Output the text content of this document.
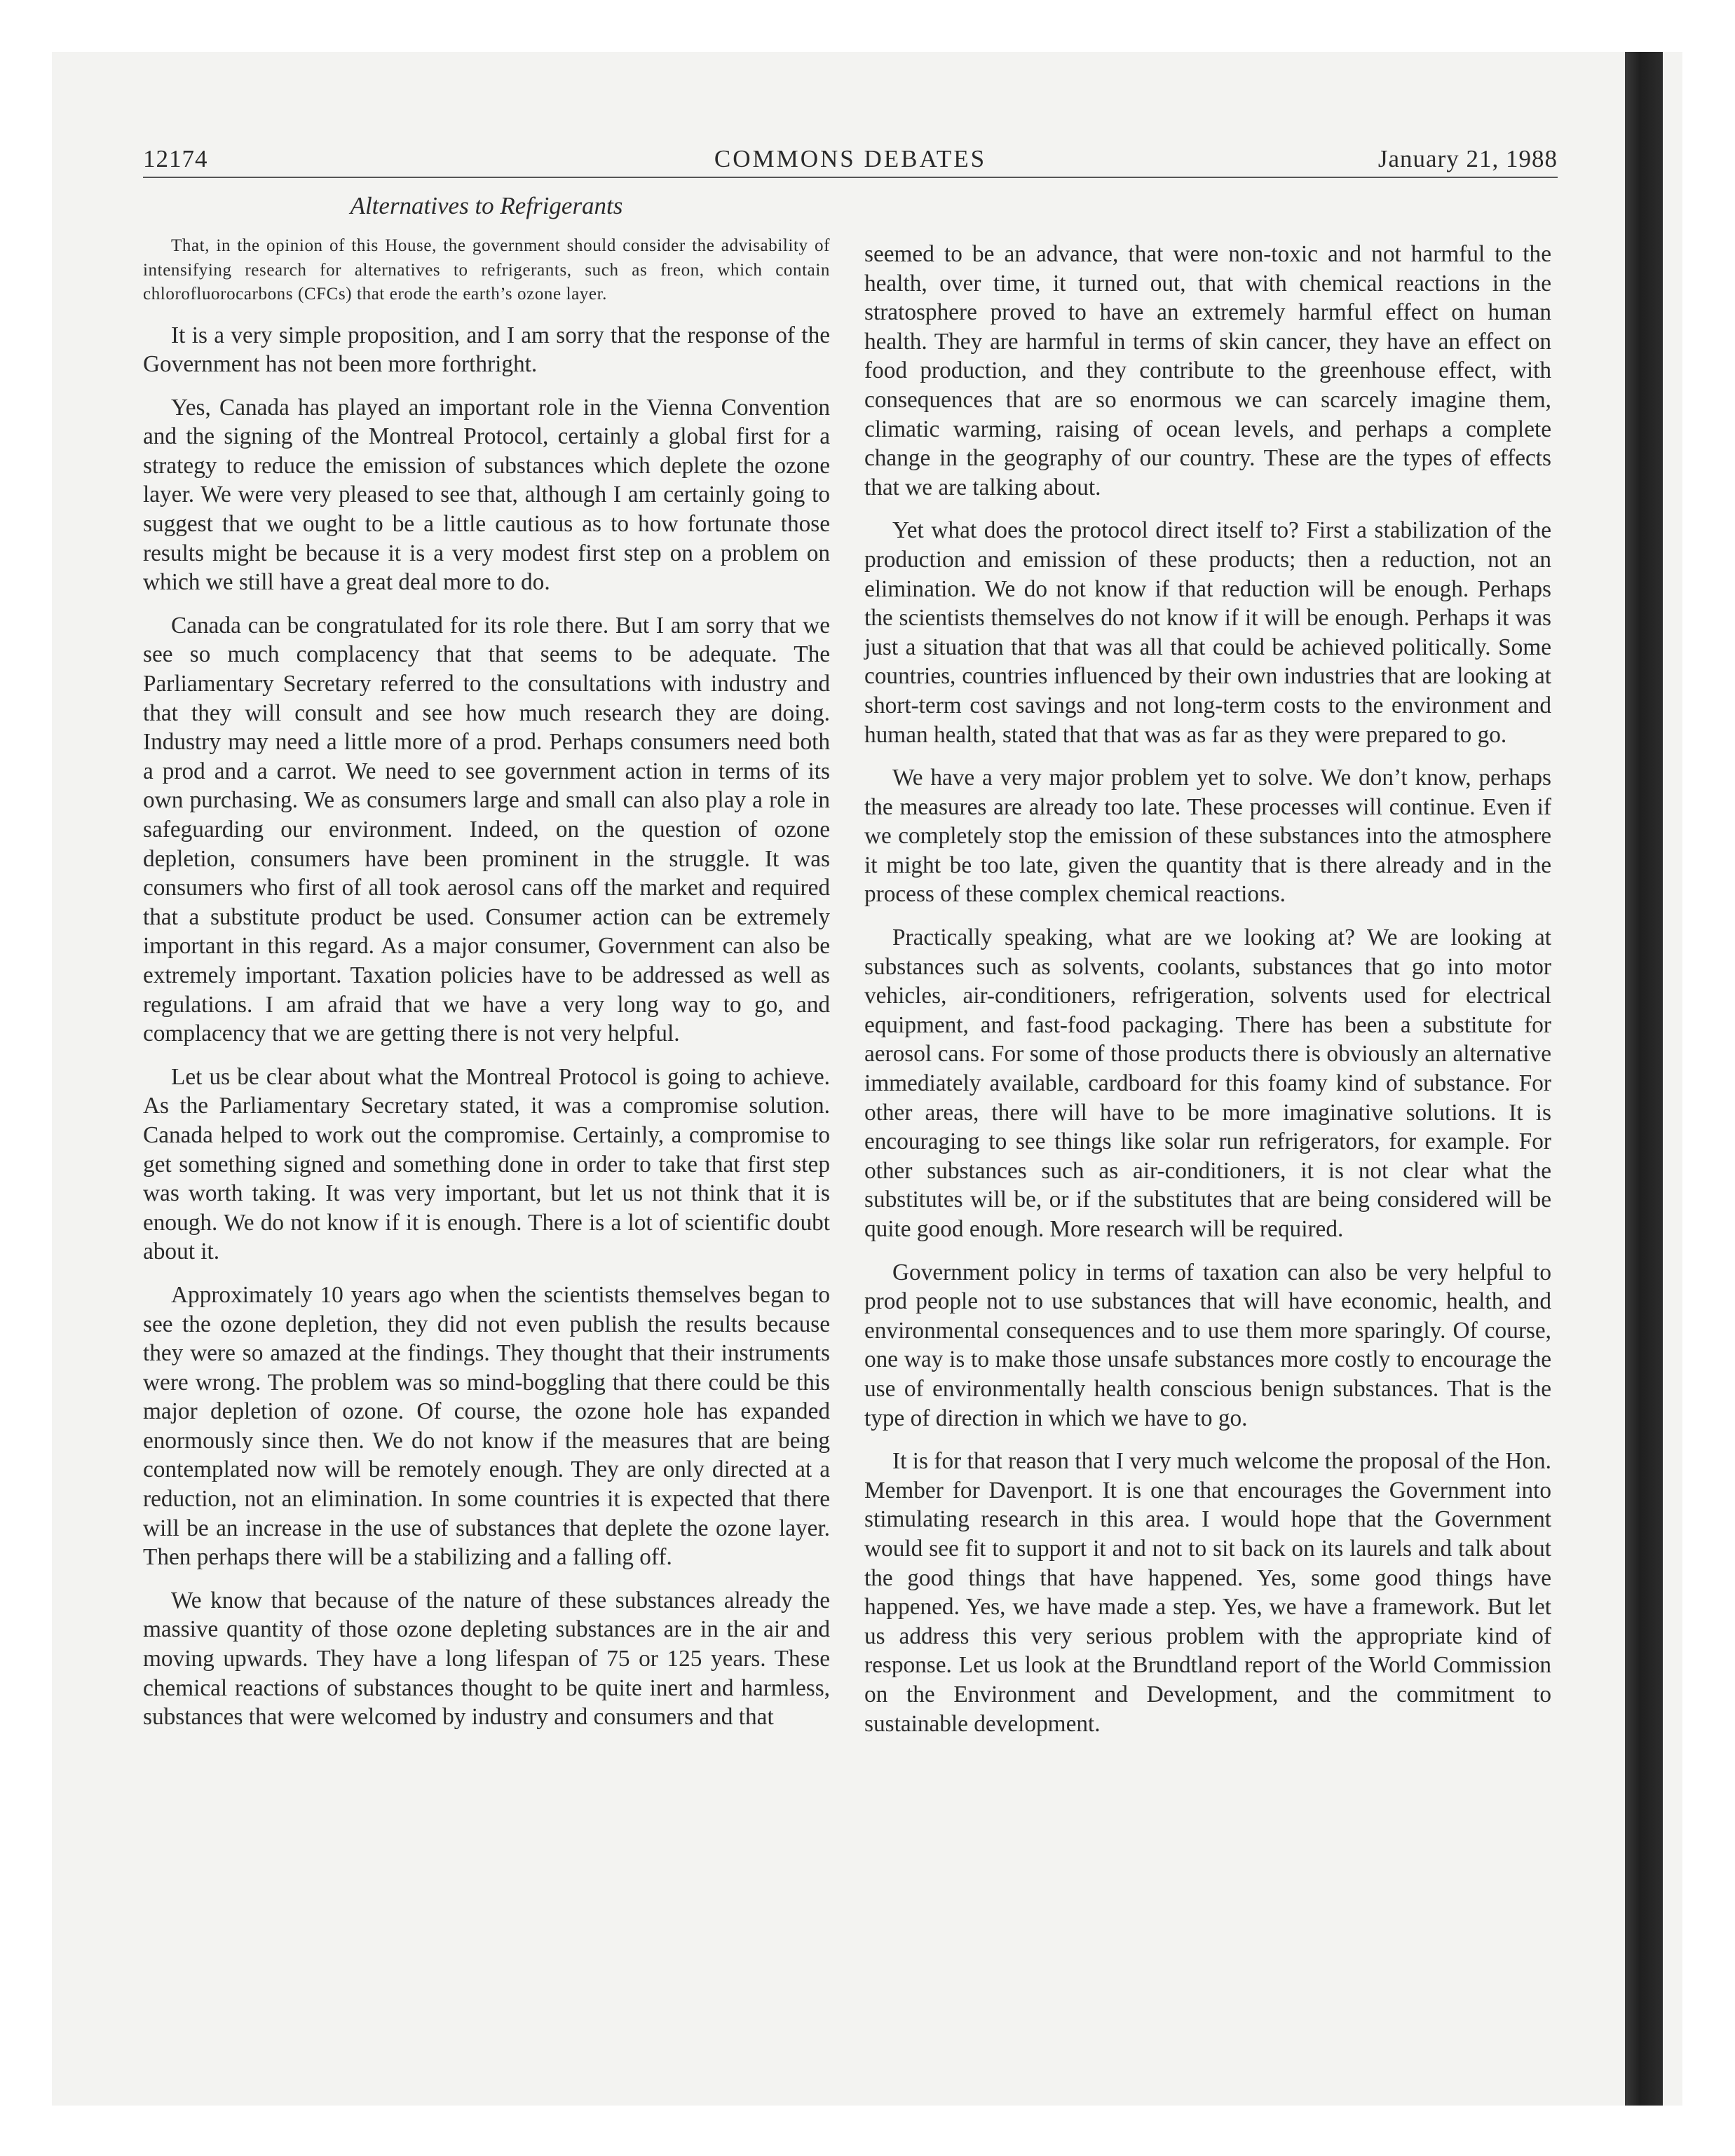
12174	COMMONS DEBATES	January 21, 1988
Alternatives to Refrigerants

That, in the opinion of this House, the government should consider the advisability of intensifying research for alternatives to refrigerants, such as freon, which contain chlorofluorocarbons (CFCs) that erode the earth’s ozone layer.

It is a very simple proposition, and I am sorry that the response of the Government has not been more forthright.

Yes, Canada has played an important role in the Vienna Convention and the signing of the Montreal Protocol, certainly a global first for a strategy to reduce the emission of substances which deplete the ozone layer. We were very pleased to see that, although I am certainly going to suggest that we ought to be a little cautious as to how fortunate those results might be because it is a very modest first step on a problem on which we still have a great deal more to do.

Canada can be congratulated for its role there. But I am sorry that we see so much complacency that that seems to be adequate. The Parliamentary Secretary referred to the consultations with industry and that they will consult and see how much research they are doing. Industry may need a little more of a prod. Perhaps consumers need both a prod and a carrot. We need to see government action in terms of its own purchasing. We as consumers large and small can also play a role in safeguarding our environment. Indeed, on the question of ozone depletion, consumers have been prominent in the struggle. It was consumers who first of all took aerosol cans off the market and required that a substitute product be used. Consumer action can be extremely important in this regard. As a major consumer, Government can also be extremely important. Taxation policies have to be addressed as well as regulations. I am afraid that we have a very long way to go, and complacency that we are getting there is not very helpful.

Let us be clear about what the Montreal Protocol is going to achieve. As the Parliamentary Secretary stated, it was a compromise solution. Canada helped to work out the compromise. Certainly, a compromise to get something signed and something done in order to take that first step was worth taking. It was very important, but let us not think that it is enough. We do not know if it is enough. There is a lot of scientific doubt about it.

Approximately 10 years ago when the scientists themselves began to see the ozone depletion, they did not even publish the results because they were so amazed at the findings. They thought that their instruments were wrong. The problem was so mind-boggling that there could be this major depletion of ozone. Of course, the ozone hole has expanded enormously since then. We do not know if the measures that are being contemplated now will be remotely enough. They are only directed at a reduction, not an elimination. In some countries it is expected that there will be an increase in the use of substances that deplete the ozone layer. Then perhaps there will be a stabilizing and a falling off.

We know that because of the nature of these substances already the massive quantity of those ozone depleting substances are in the air and moving upwards. They have a long lifespan of 75 or 125 years. These chemical reactions of substances thought to be quite inert and harmless, substances that were welcomed by industry and consumers and that

seemed to be an advance, that were non-toxic and not harmful to the health, over time, it turned out, that with chemical reactions in the stratosphere proved to have an extremely harmful effect on human health. They are harmful in terms of skin cancer, they have an effect on food production, and they contribute to the greenhouse effect, with consequences that are so enormous we can scarcely imagine them, climatic warming, raising of ocean levels, and perhaps a complete change in the geography of our country. These are the types of effects that we are talking about.

Yet what does the protocol direct itself to? First a stabilization of the production and emission of these products; then a reduction, not an elimination. We do not know if that reduction will be enough. Perhaps the scientists themselves do not know if it will be enough. Perhaps it was just a situation that that was all that could be achieved politically. Some countries, countries influenced by their own industries that are looking at short-term cost savings and not long-term costs to the environment and human health, stated that that was as far as they were prepared to go.

We have a very major problem yet to solve. We don’t know, perhaps the measures are already too late. These processes will continue. Even if we completely stop the emission of these substances into the atmosphere it might be too late, given the quantity that is there already and in the process of these complex chemical reactions.

Practically speaking, what are we looking at? We are looking at substances such as solvents, coolants, substances that go into motor vehicles, air-conditioners, refrigeration, solvents used for electrical equipment, and fast-food packaging. There has been a substitute for aerosol cans. For some of those products there is obviously an alternative immediately available, cardboard for this foamy kind of substance. For other areas, there will have to be more imaginative solutions. It is encouraging to see things like solar run refrigerators, for example. For other substances such as air-conditioners, it is not clear what the substitutes will be, or if the substitutes that are being considered will be quite good enough. More research will be required.

Government policy in terms of taxation can also be very helpful to prod people not to use substances that will have economic, health, and environmental consequences and to use them more sparingly. Of course, one way is to make those unsafe substances more costly to encourage the use of environmentally health conscious benign substances. That is the type of direction in which we have to go.

It is for that reason that I very much welcome the proposal of the Hon. Member for Davenport. It is one that encourages the Government into stimulating research in this area. I would hope that the Government would see fit to support it and not to sit back on its laurels and talk about the good things that have happened. Yes, some good things have happened. Yes, we have made a step. Yes, we have a framework. But let us address this very serious problem with the appropriate kind of response. Let us look at the Brundtland report of the World Commission on the Environment and Development, and the commitment to sustainable development.
